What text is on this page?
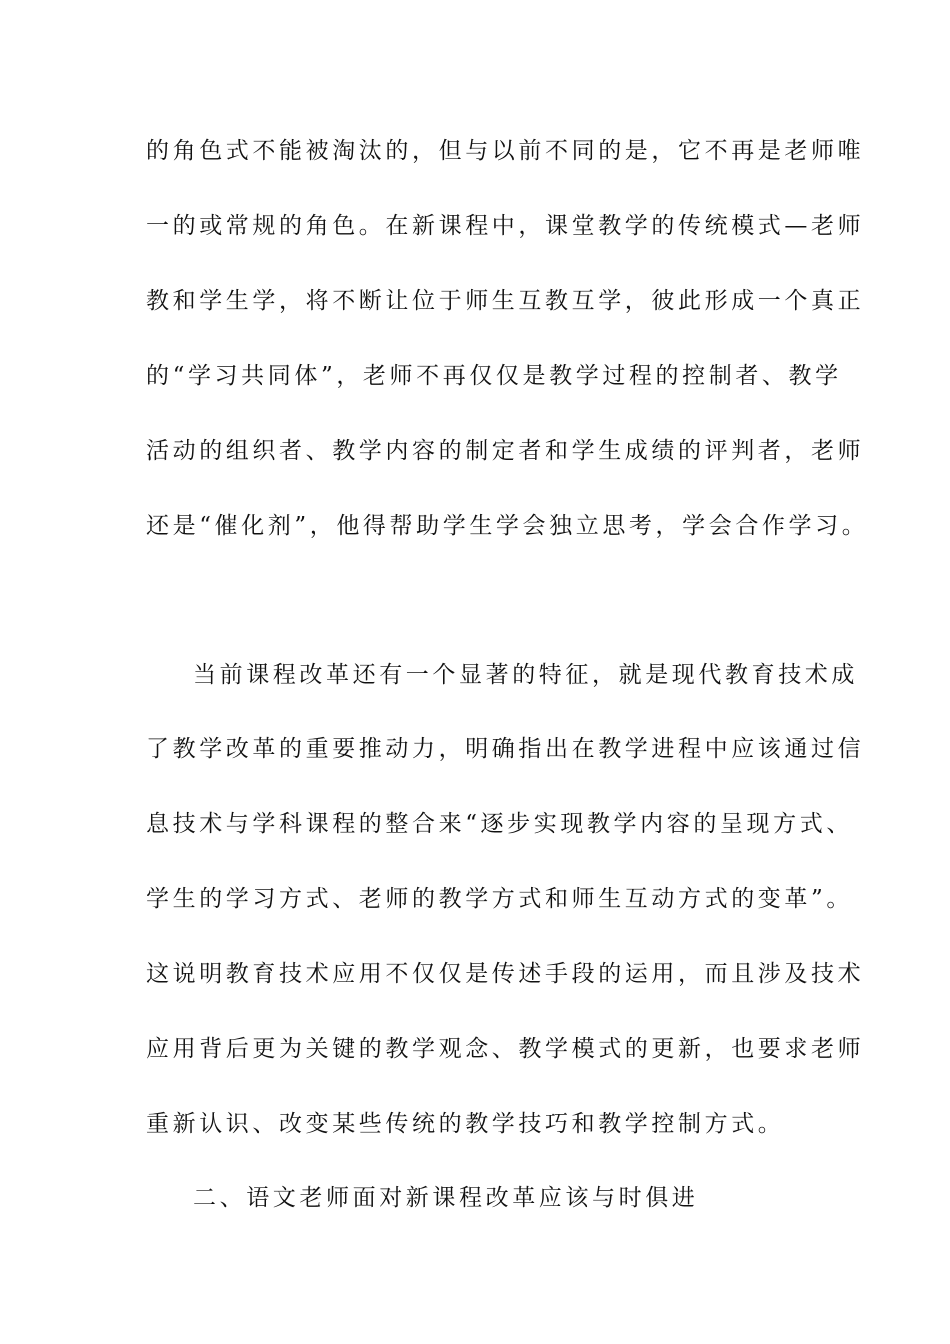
的角色式不能被淘汰的，但与以前不同的是，它不再是老师唯
一的或常规的角色。在新课程中，课堂教学的传统模式—老师
教和学生学，将不断让位于师生互教互学，彼此形成一个真正
的“学习共同体”，老师不再仅仅是教学过程的控制者、教学
活动的组织者、教学内容的制定者和学生成绩的评判者，老师
还是“催化剂”，他得帮助学生学会独立思考，学会合作学习。
当前课程改革还有一个显著的特征，就是现代教育技术成
了教学改革的重要推动力，明确指出在教学进程中应该通过信
息技术与学科课程的整合来“逐步实现教学内容的呈现方式、
学生的学习方式、老师的教学方式和师生互动方式的变革”。
这说明教育技术应用不仅仅是传述手段的运用，而且涉及技术
应用背后更为关键的教学观念、教学模式的更新，也要求老师
重新认识、改变某些传统的教学技巧和教学控制方式。
二、语文老师面对新课程改革应该与时俱进
